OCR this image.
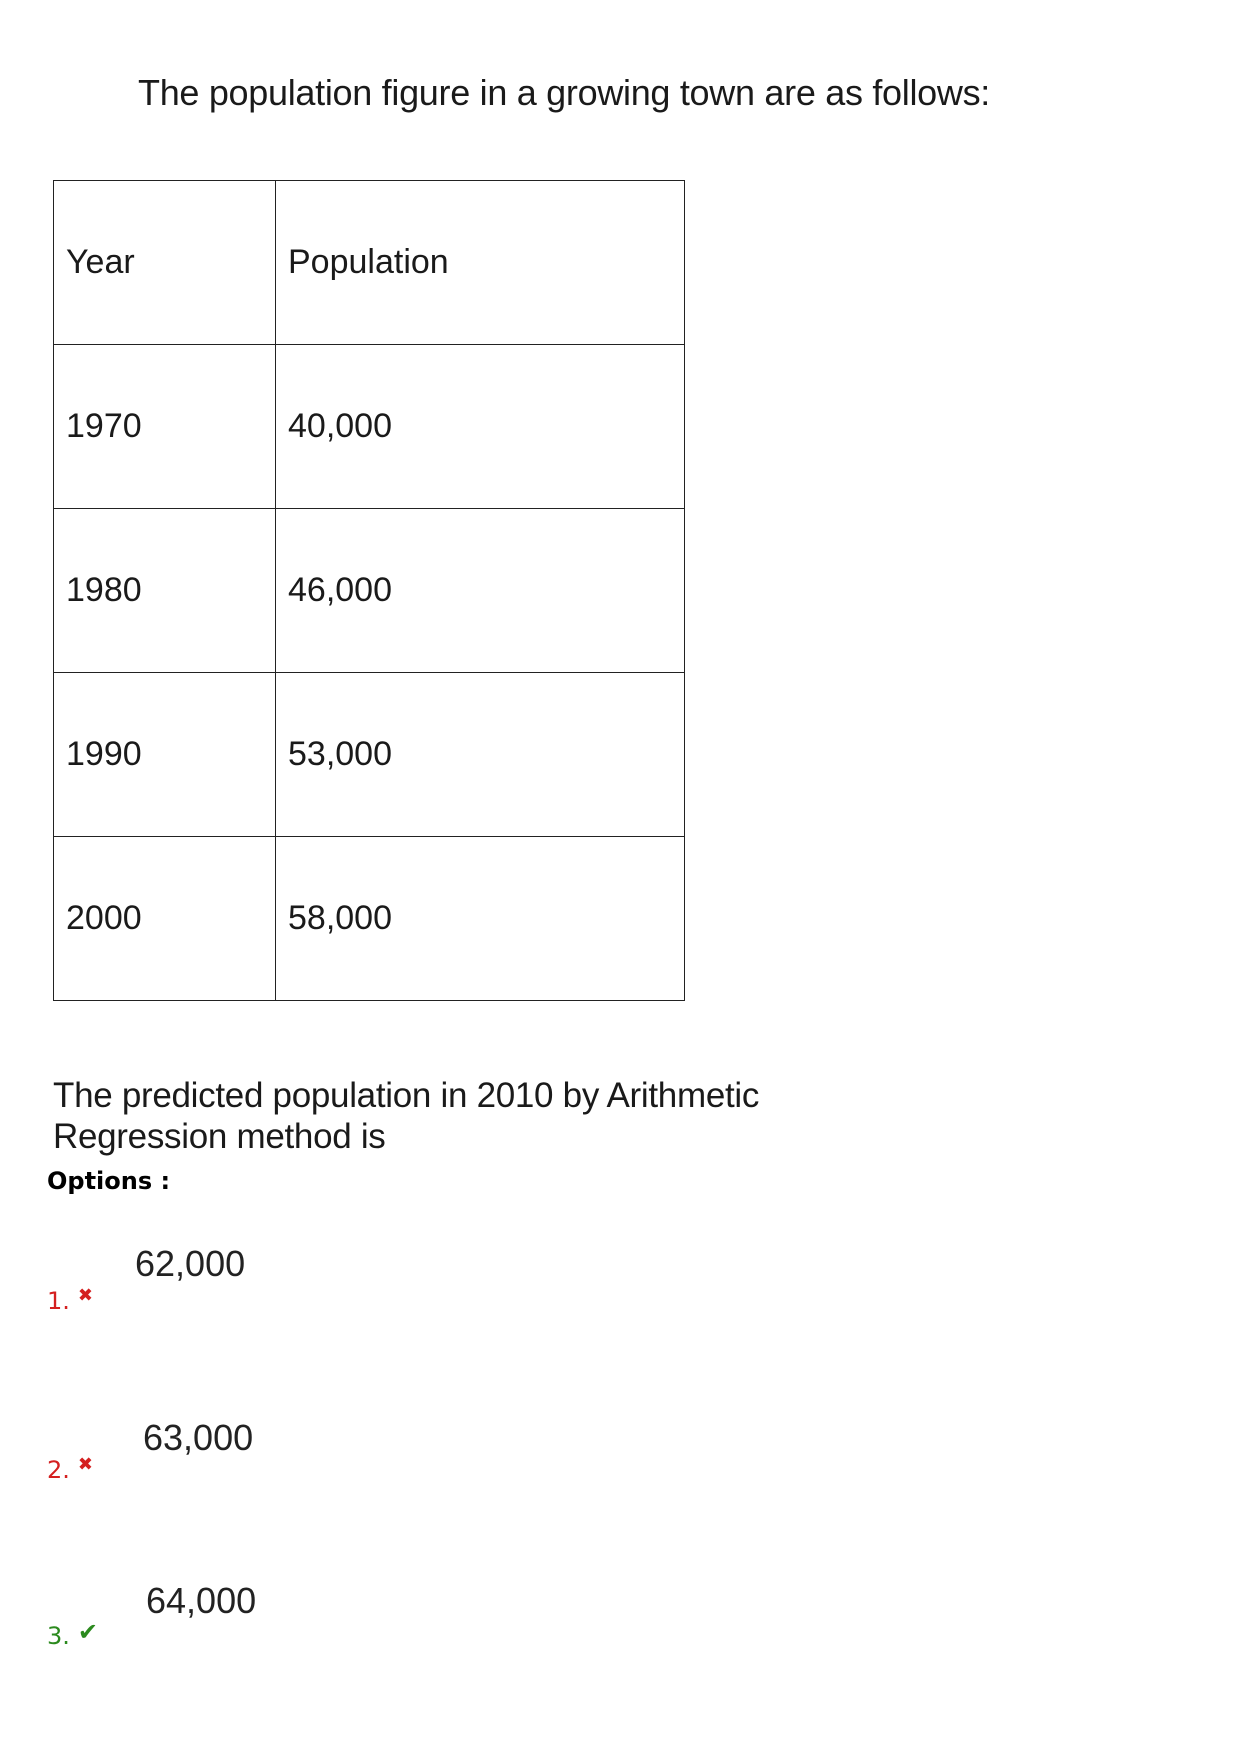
The population figure in a growing town are as follows:
Year	Population
1970	40,000
1980	46,000
1990	53,000
2000	58,000
The predicted population in 2010 by Arithmetic Regression method is
Options :
62,000
1. ✖
63,000
2. ✖
64,000
3. ✔
